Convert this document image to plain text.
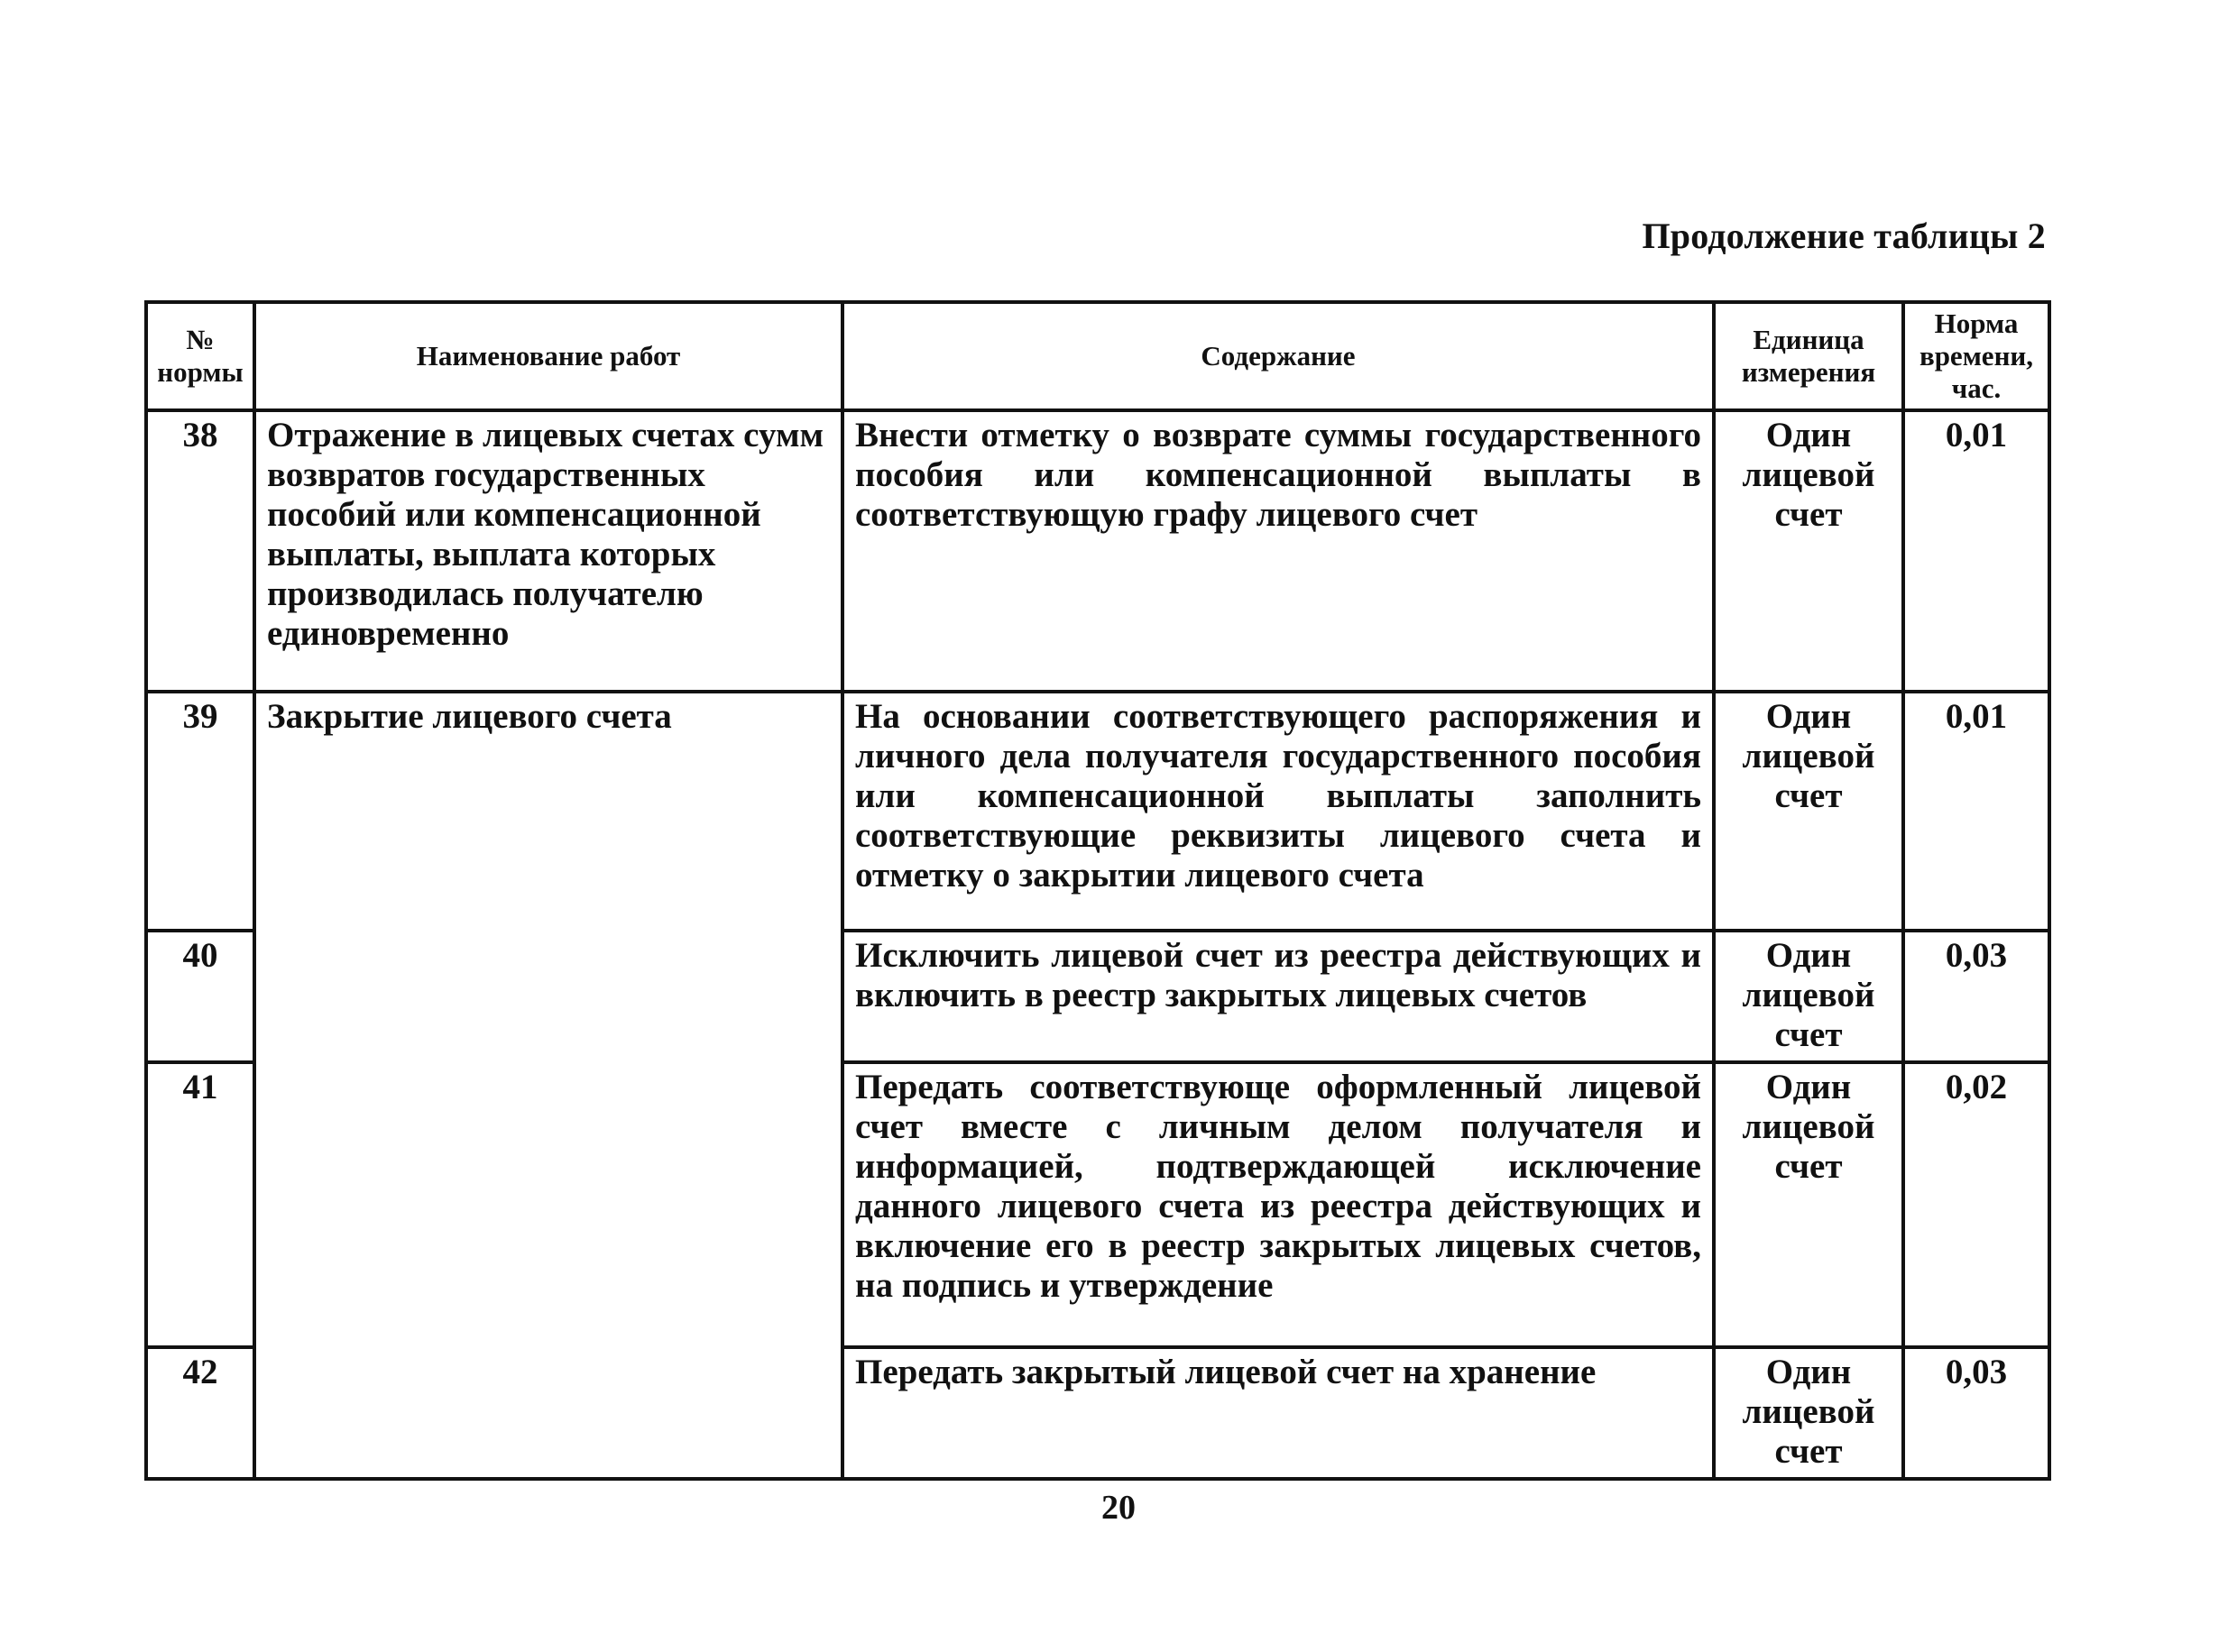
Продолжение таблицы 2
№ нормы	Наименование работ	Содержание	Единица измерения	Норма времени, час.
38	Отражение в лицевых счетах сумм возвратов государственных пособий или компенсационной выплаты, выплата которых производилась получателю единовременно	Внести отметку о возврате суммы государственного пособия или компенсационной выплаты в соответствующую графу лицевого счет	Один лицевой счет	0,01
39	Закрытие лицевого счета	На основании соответствующего распоряжения и личного дела получателя государственного пособия или компенсационной выплаты заполнить соответствующие реквизиты лицевого счета и отметку о закрытии лицевого счета	Один лицевой счет	0,01
40		Исключить лицевой счет из реестра действующих и включить в реестр закрытых лицевых счетов	Один лицевой счет	0,03
41		Передать соответствующе оформленный лицевой счет вместе с личным делом получателя и информацией, подтверждающей исключение данного лицевого счета из реестра действующих и включение его в реестр закрытых лицевых счетов, на подпись и утверждение	Один лицевой счет	0,02
42		Передать закрытый лицевой счет на хранение	Один лицевой счет	0,03
20
